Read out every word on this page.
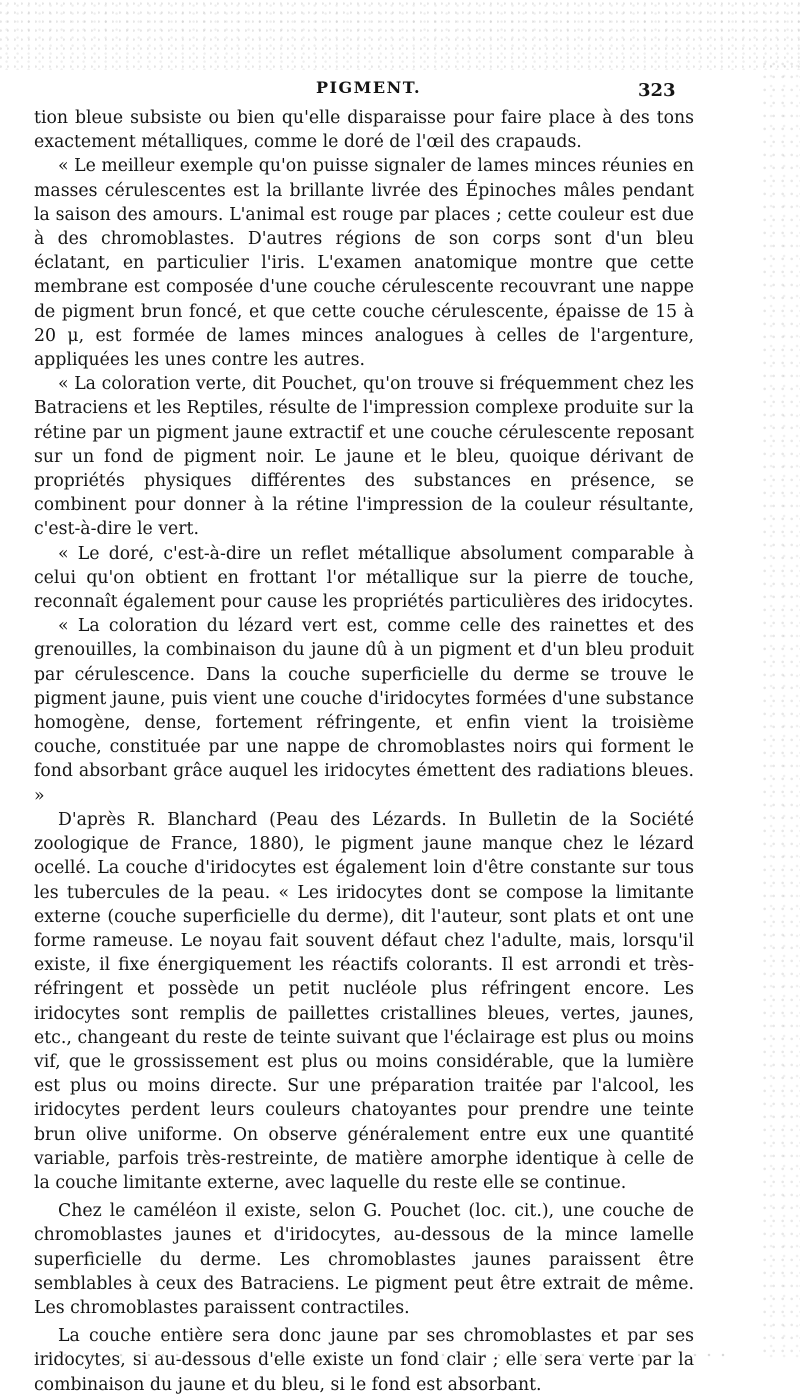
PIGMENT.	323

tion bleue subsiste ou bien qu'elle disparaisse pour faire place à des tons exactement métalliques, comme le doré de l'œil des crapauds.

« Le meilleur exemple qu'on puisse signaler de lames minces réunies en masses cérulescentes est la brillante livrée des Épinoches mâles pendant la saison des amours. L'animal est rouge par places ; cette couleur est due à des chromoblastes. D'autres régions de son corps sont d'un bleu éclatant, en particulier l'iris. L'examen anatomique montre que cette membrane est composée d'une couche cérulescente recouvrant une nappe de pigment brun foncé, et que cette couche cérulescente, épaisse de 15 à 20 μ, est formée de lames minces analogues à celles de l'argenture, appliquées les unes contre les autres.

« La coloration verte, dit Pouchet, qu'on trouve si fréquemment chez les Batraciens et les Reptiles, résulte de l'impression complexe produite sur la rétine par un pigment jaune extractif et une couche cérulescente reposant sur un fond de pigment noir. Le jaune et le bleu, quoique dérivant de propriétés physiques différentes des substances en présence, se combinent pour donner à la rétine l'impression de la couleur résultante, c'est-à-dire le vert.

« Le doré, c'est-à-dire un reflet métallique absolument comparable à celui qu'on obtient en frottant l'or métallique sur la pierre de touche, reconnaît également pour cause les propriétés particulières des iridocytes.

« La coloration du lézard vert est, comme celle des rainettes et des grenouilles, la combinaison du jaune dû à un pigment et d'un bleu produit par cérulescence. Dans la couche superficielle du derme se trouve le pigment jaune, puis vient une couche d'iridocytes formées d'une substance homogène, dense, fortement réfringente, et enfin vient la troisième couche, constituée par une nappe de chromoblastes noirs qui forment le fond absorbant grâce auquel les iridocytes émettent des radiations bleues. »

D'après R. Blanchard (Peau des Lézards. In Bulletin de la Société zoologique de France, 1880), le pigment jaune manque chez le lézard ocellé. La couche d'iridocytes est également loin d'être constante sur tous les tubercules de la peau. « Les iridocytes dont se compose la limitante externe (couche superficielle du derme), dit l'auteur, sont plats et ont une forme rameuse. Le noyau fait souvent défaut chez l'adulte, mais, lorsqu'il existe, il fixe énergiquement les réactifs colorants. Il est arrondi et très-réfringent et possède un petit nucléole plus réfringent encore. Les iridocytes sont remplis de paillettes cristallines bleues, vertes, jaunes, etc., changeant du reste de teinte suivant que l'éclairage est plus ou moins vif, que le grossissement est plus ou moins considérable, que la lumière est plus ou moins directe. Sur une préparation traitée par l'alcool, les iridocytes perdent leurs couleurs chatoyantes pour prendre une teinte brun olive uniforme. On observe généralement entre eux une quantité variable, parfois très-restreinte, de matière amorphe identique à celle de la couche limitante externe, avec laquelle du reste elle se continue.

Chez le caméléon il existe, selon G. Pouchet (loc. cit.), une couche de chromoblastes jaunes et d'iridocytes, au-dessous de la mince lamelle superficielle du derme. Les chromoblastes jaunes paraissent être semblables à ceux des Batraciens. Le pigment peut être extrait de même. Les chromoblastes paraissent contractiles.

La couche entière sera donc jaune par ses chromoblastes et par ses iridocytes, si au-dessous d'elle existe un fond clair ; elle sera verte par la combinaison du jaune et du bleu, si le fond est absorbant.
